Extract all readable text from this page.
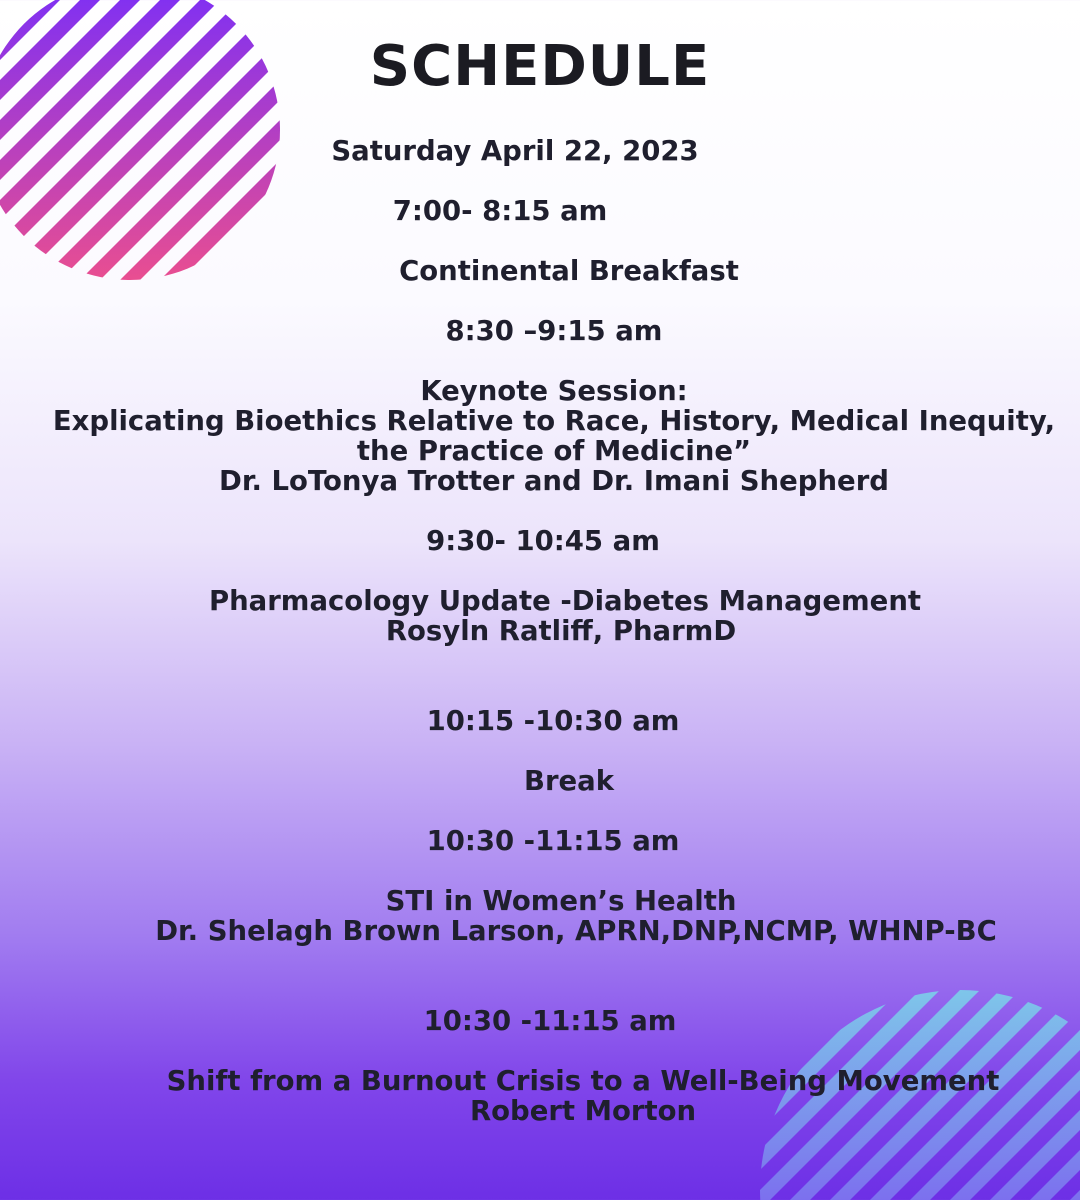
SCHEDULE
Saturday April 22, 2023
7:00- 8:15 am
Continental Breakfast
8:30 –9:15 am
Keynote Session:
Explicating Bioethics Relative to Race, History, Medical Inequity,
the Practice of Medicine”
Dr. LoTonya Trotter and Dr. Imani Shepherd
9:30- 10:45 am
Pharmacology Update -Diabetes Management
Rosyln Ratliff, PharmD
10:15 -10:30 am
Break
10:30 -11:15 am
STI in Women’s Health
Dr. Shelagh Brown Larson, APRN,DNP,NCMP, WHNP-BC
10:30 -11:15 am
Shift from a Burnout Crisis to a Well-Being Movement
Robert Morton
